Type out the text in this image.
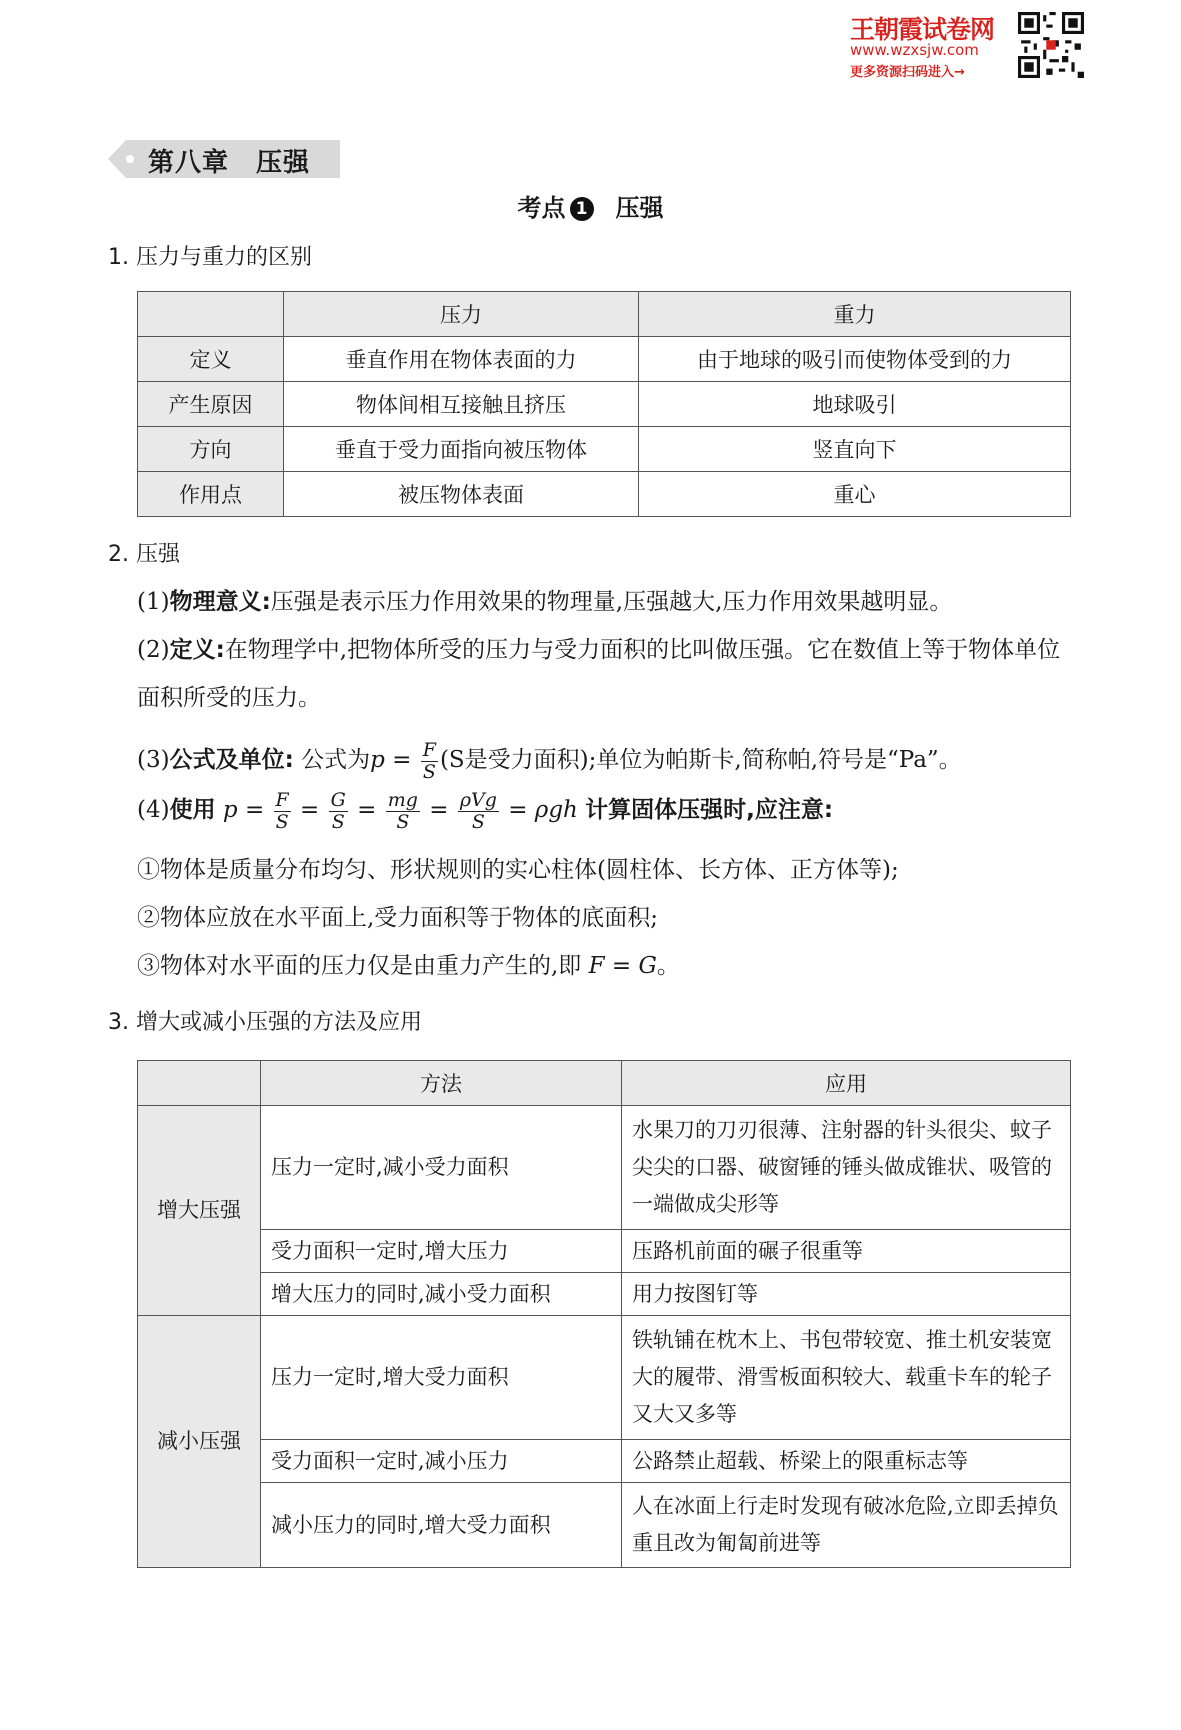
王朝霞试卷网
www.wzxsjw.com
更多资源扫码进入→
第八章　压强
考点 1 压强
1. 压力与重力的区别
	压力	重力
定义	垂直作用在物体表面的力	由于地球的吸引而使物体受到的力
产生原因	物体间相互接触且挤压	地球吸引
方向	垂直于受力面指向被压物体	竖直向下
作用点	被压物体表面	重心
2. 压强
(1)物理意义:压强是表示压力作用效果的物理量,压强越大,压力作用效果越明显。
(2)定义:在物理学中,把物体所受的压力与受力面积的比叫做压强。它在数值上等于物体单位面积所受的压力。
(3)公式及单位: 公式为$p = \frac{F}{S} (S$是受力面积);单位为帕斯卡,简称帕,符号是“Pa”。
(4)使用 $p = \frac{F}{S} = \frac{G}{S} = \frac{mg}{S} = \frac{\text{ρVg}}{S} = \rho gh$ 计算固体压强时,应注意:
①物体是质量分布均匀、形状规则的实心柱体(圆柱体、长方体、正方体等);
②物体应放在水平面上,受力面积等于物体的底面积;
③物体对水平面的压力仅是由重力产生的,即 F = G。
3. 增大或减小压强的方法及应用
	方法	应用
增大压强	压力一定时,减小受力面积	水果刀的刀刃很薄、注射器的针头很尖、蚊子尖尖的口器、破窗锤的锤头做成锥状、吸管的一端做成尖形等
	受力面积一定时,增大压力	压路机前面的碾子很重等
	增大压力的同时,减小受力面积	用力按图钉等
减小压强	压力一定时,增大受力面积	铁轨铺在枕木上、书包带较宽、推土机安装宽大的履带、滑雪板面积较大、载重卡车的轮子又大又多等
	受力面积一定时,减小压力	公路禁止超载、桥梁上的限重标志等
	减小压力的同时,增大受力面积	人在冰面上行走时发现有破冰危险,立即丢掉负重且改为匍匐前进等
